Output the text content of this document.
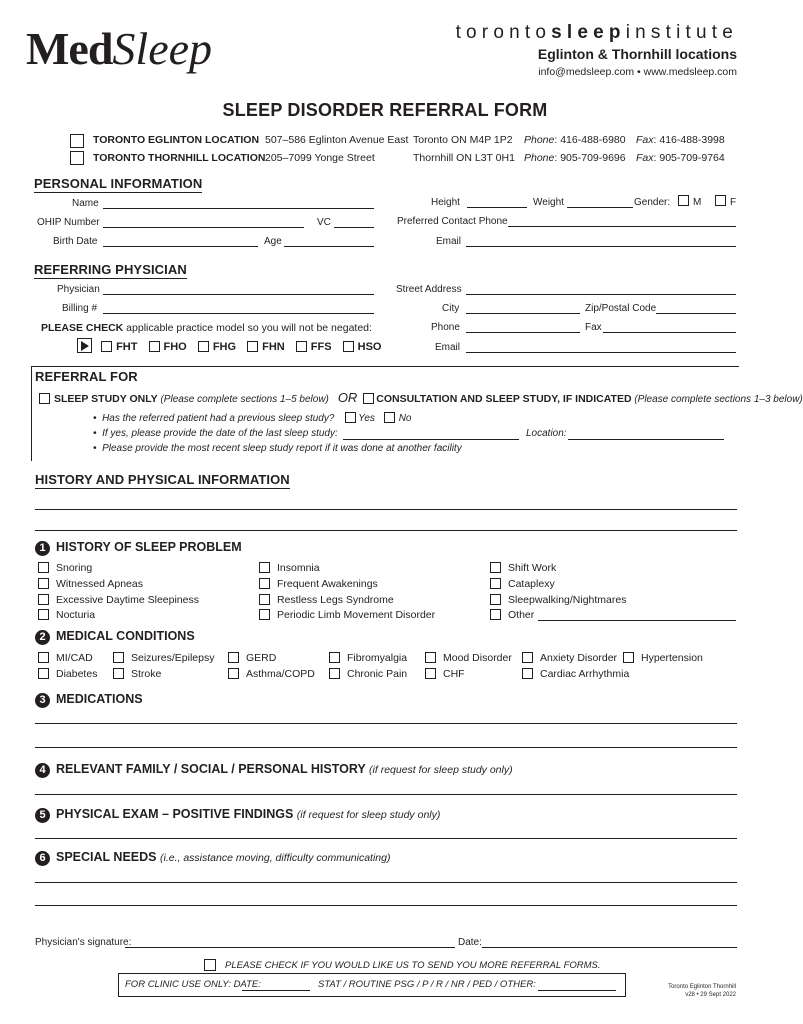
MedSleep	torontosleepinstitute
Eglinton & Thornhill locations
info@medsleep.com • www.medsleep.com
SLEEP DISORDER REFERRAL FORM
TORONTO EGLINTON LOCATION 507–586 Eglinton Avenue East Toronto ON M4P 1P2 Phone: 416-488-6980 Fax: 416-488-3998
TORONTO THORNHILL LOCATION 205–7099 Yonge Street	Thornhill ON L3T 0H1 Phone: 905-709-9696 Fax: 905-709-9764
PERSONAL INFORMATION
Name
OHIP Number	VC
Birth Date	Age
Height	Weight	Gender: M	F
Preferred Contact Phone
Email
REFERRING PHYSICIAN
Physician
Billing #
PLEASE CHECK applicable practice model so you will not be negated:
FHT FHO FHG FHN FFS HSO
Street Address
City	Zip/Postal Code
Phone	Fax
Email
REFERRAL FOR
SLEEP STUDY ONLY (Please complete sections 1–5 below) OR CONSULTATION AND SLEEP STUDY, IF INDICATED (Please complete sections 1–3 below)
•  Has the referred patient had a previous sleep study? Yes No
•  If yes, please provide the date of the last sleep study:	Location:
•  Please provide the most recent sleep study report if it was done at another facility
HISTORY AND PHYSICAL INFORMATION
1 HISTORY OF SLEEP PROBLEM
Snoring
Witnessed Apneas
Excessive Daytime Sleepiness
Nocturia
Insomnia
Frequent Awakenings
Restless Legs Syndrome
Periodic Limb Movement Disorder
Shift Work
Cataplexy
Sleepwalking/Nightmares
Other
2 MEDICAL CONDITIONS
MI/CAD	Seizures/Epilepsy	GERD	Fibromyalgia	Mood Disorder	Anxiety Disorder	Hypertension
Diabetes	Stroke	Asthma/COPD	Chronic Pain	CHF	Cardiac Arrhythmia
3 MEDICATIONS
4 RELEVANT FAMILY / SOCIAL / PERSONAL HISTORY (if request for sleep study only)
5 PHYSICAL EXAM – POSITIVE FINDINGS (if request for sleep study only)
6 SPECIAL NEEDS (i.e., assistance moving, difficulty communicating)
Physician's signature:	Date:
PLEASE CHECK IF YOU WOULD LIKE US TO SEND YOU MORE REFERRAL FORMS.
FOR CLINIC USE ONLY: DATE:	STAT / ROUTINE PSG / P / R / NR / PED / OTHER:	Toronto Eglinton Thornhill
v28 • 29 Sept 2022
